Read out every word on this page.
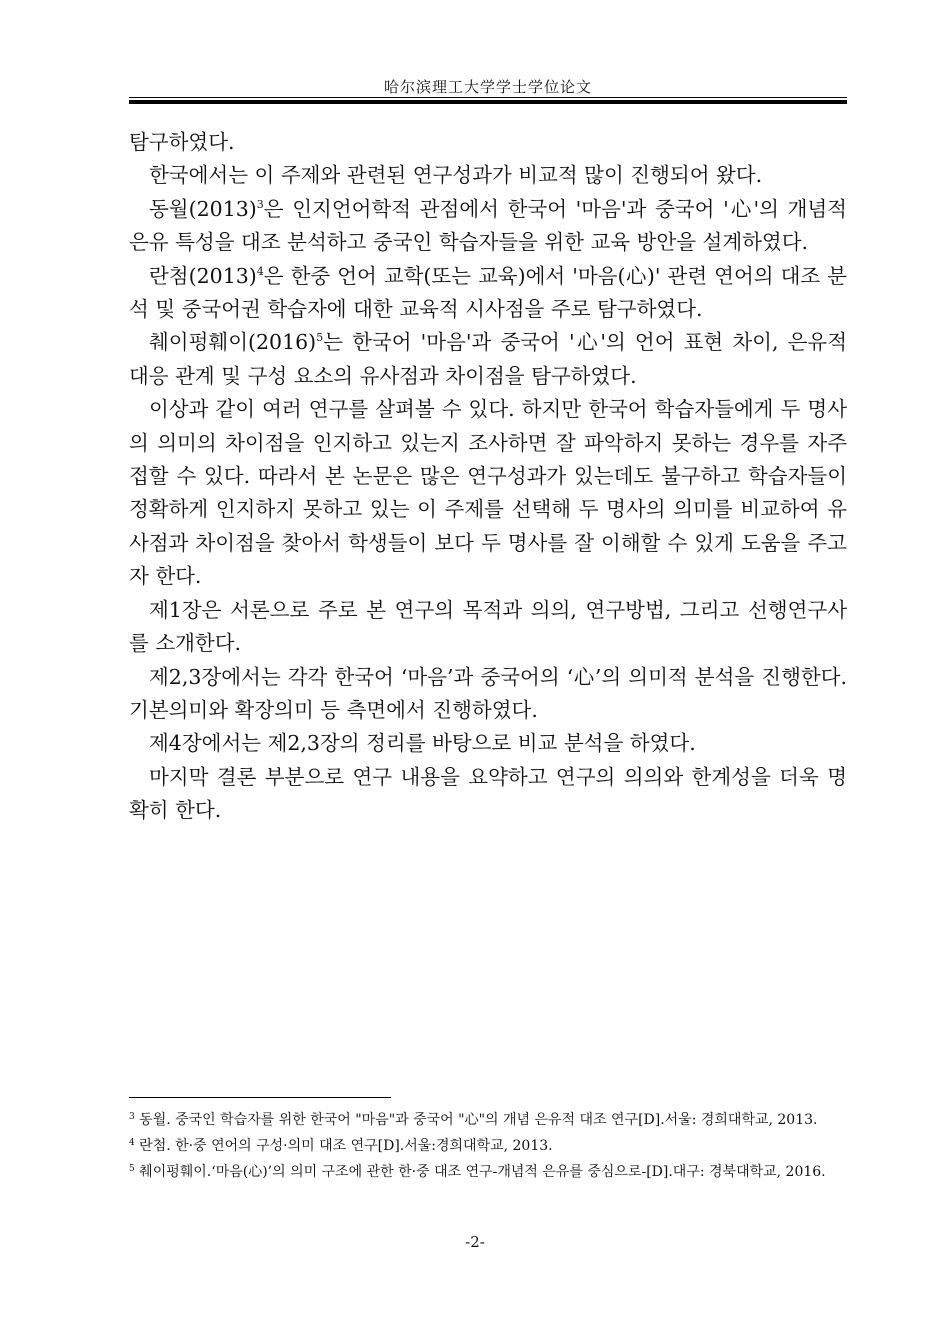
哈尔滨理工大学学士学位论文

탐구하였다.

한국에서는 이 주제와 관련된 연구성과가 비교적 많이 진행되어 왔다.

동월$(2013)^3$은 인지언어학적 관점에서 한국어 '마음'과 중국어 '心'의 개념적 은유 특성을 대조 분석하고 중국인 학습자들을 위한 교육 방안을 설계하였다.

란첨$(2013)^4$은 한중 언어 교학(또는 교육)에서 '마음(心)' 관련 연어의 대조 분석 및 중국어권 학습자에 대한 교육적 시사점을 주로 탐구하였다.

췌이펑훼이$(2016)^5$는 한국어 '마음'과 중국어 '心'의 언어 표현 차이, 은유적 대응 관계 및 구성 요소의 유사점과 차이점을 탐구하였다.

이상과 같이 여러 연구를 살펴볼 수 있다. 하지만 한국어 학습자들에게 두 명사의 의미의 차이점을 인지하고 있는지 조사하면 잘 파악하지 못하는 경우를 자주 접할 수 있다. 따라서 본 논문은 많은 연구성과가 있는데도 불구하고 학습자들이 정확하게 인지하지 못하고 있는 이 주제를 선택해 두 명사의 의미를 비교하여 유사점과 차이점을 찾아서 학생들이 보다 두 명사를 잘 이해할 수 있게 도움을 주고자 한다.

제1장은 서론으로 주로 본 연구의 목적과 의의, 연구방법, 그리고 선행연구사를 소개한다.

제2,3장에서는 각각 한국어 ‘마음’과 중국어의 ‘心’의 의미적 분석을 진행한다. 기본의미와 확장의미 등 측면에서 진행하였다.

제4장에서는 제2,3장의 정리를 바탕으로 비교 분석을 하였다.

마지막 결론 부분으로 연구 내용을 요약하고 연구의 의의와 한계성을 더욱 명확히 한다.

$^3$ 동월. 중국인 학습자를 위한 한국어 "마음"과 중국어 "心"의 개념 은유적 대조 연구[D].서울: 경희대학교, 2013.

$^4$ 란첨. 한·중 연어의 구성·의미 대조 연구[D].서울:경희대학교, 2013.

$^5$ 췌이펑훼이.‘마음(心)’의 의미 구조에 관한 한·중 대조 연구-개념적 은유를 중심으로-[D].대구: 경북대학교, 2016.

-2-
